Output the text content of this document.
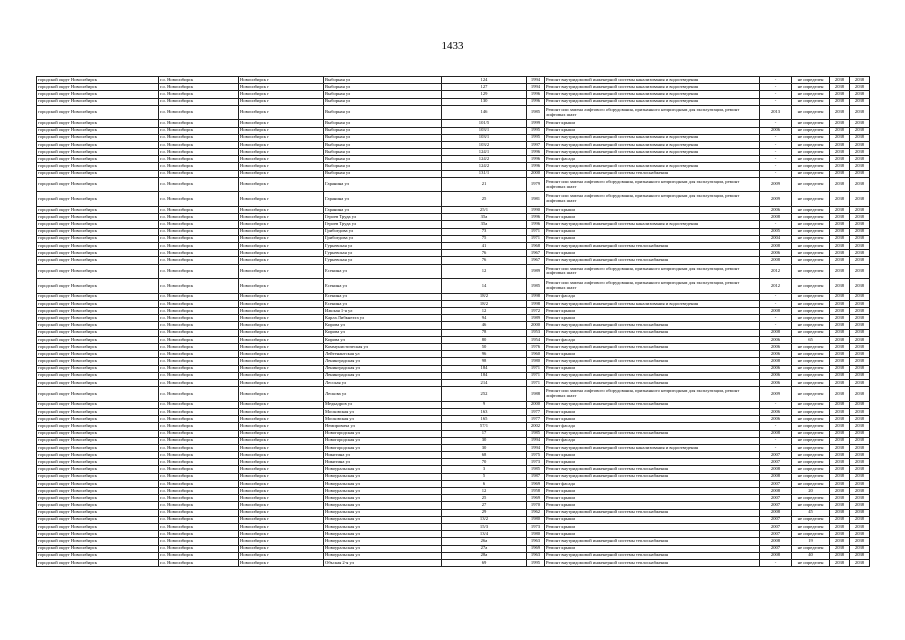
1433
городской округ Новосибирск	г.о. Новосибирск	Новосибирск г	Выборная ул	124	1994	Ремонт внутридомовой инженерной системы канализования и водоотведения	-	не определен	2038	2038
городской округ Новосибирск	г.о. Новосибирск	Новосибирск г	Выборная ул	127	1994	Ремонт внутридомовой инженерной системы канализования и водоотведения	-	не определен	2038	2038
городской округ Новосибирск	г.о. Новосибирск	Новосибирск г	Выборная ул	129	1996	Ремонт внутридомовой инженерной системы канализования и водоотведения	-	не определен	2038	2038
городской округ Новосибирск	г.о. Новосибирск	Новосибирск г	Выборная ул	130	1996	Ремонт внутридомовой инженерной системы канализования и водоотведения	-	не определен	2038	2038
городской округ Новосибирск	г.о. Новосибирск	Новосибирск г	Выборная ул	146	1985	Ремонт или замена лифтового оборудования, признанного непригодным для эксплуатации, ремонт лифтовых шахт	2013	не определен	2038	2038
городской округ Новосибирск	г.о. Новосибирск	Новосибирск г	Выборная ул	101/5	1999	Ремонт крыши	-	не определен	2038	2038
городской округ Новосибирск	г.о. Новосибирск	Новосибирск г	Выборная ул	103/1	1995	Ремонт крыши	2006	не определен	2038	2038
городской округ Новосибирск	г.о. Новосибирск	Новосибирск г	Выборная ул	103/1	1995	Ремонт внутридомовой инженерной системы канализования и водоотведения	-	не определен	2038	2038
городской округ Новосибирск	г.о. Новосибирск	Новосибирск г	Выборная ул	103/2	1997	Ремонт внутридомовой инженерной системы канализования и водоотведения	-	не определен	2038	2038
городской округ Новосибирск	г.о. Новосибирск	Новосибирск г	Выборная ул	124/1	1996	Ремонт внутридомовой инженерной системы канализования и водоотведения	-	не определен	2038	2038
городской округ Новосибирск	г.о. Новосибирск	Новосибирск г	Выборная ул	124/2	1996	Ремонт фасада	-	не определен	2038	2038
городской округ Новосибирск	г.о. Новосибирск	Новосибирск г	Выборная ул	124/2	1996	Ремонт внутридомовой инженерной системы канализования и водоотведения	-	не определен	2038	2038
городской округ Новосибирск	г.о. Новосибирск	Новосибирск г	Выборная ул	131/1	2000	Ремонт внутридомовой инженерной системы теплоснабжения	-	не определен	2038	2038
городской округ Новосибирск	г.о. Новосибирск	Новосибирск г	Гаранина ул	21	1979	Ремонт или замена лифтового оборудования, признанного непригодным для эксплуатации, ремонт лифтовых шахт	2009	не определен	2038	2038
городской округ Новосибирск	г.о. Новосибирск	Новосибирск г	Гаранина ул	25	1981	Ремонт или замена лифтового оборудования, признанного непригодным для эксплуатации, ремонт лифтовых шахт	2009	не определен	2038	2038
городской округ Новосибирск	г.о. Новосибирск	Новосибирск г	Гаранина ул	25/1	1990	Ремонт крыши	2006	не определен	2038	2038
городской округ Новосибирск	г.о. Новосибирск	Новосибирск г	Героев Труда ул	35а	1996	Ремонт крыши	2008	не определен	2038	2038
городской округ Новосибирск	г.о. Новосибирск	Новосибирск г	Героев Труда ул	35а	1996	Ремонт внутридомовой инженерной системы канализования и водоотведения	-	не определен	2038	2038
городской округ Новосибирск	г.о. Новосибирск	Новосибирск г	Грибоедова ул	73	1971	Ремонт крыши	2005	не определен	2038	2038
городской округ Новосибирск	г.о. Новосибирск	Новосибирск г	Грибоедова ул	75	1971	Ремонт крыши	2004	не определен	2038	2038
городской округ Новосибирск	г.о. Новосибирск	Новосибирск г	Гурьевская ул	41	1968	Ремонт внутридомовой инженерной системы теплоснабжения	2008	не определен	2038	2038
городской округ Новосибирск	г.о. Новосибирск	Новосибирск г	Гурьевская ул	76	1967	Ремонт крыши	2006	не определен	2038	2038
городской округ Новосибирск	г.о. Новосибирск	Новосибирск г	Гурьевская ул	76	1967	Ремонт внутридомовой инженерной системы теплоснабжения	2008	не определен	2038	2038
городской округ Новосибирск	г.о. Новосибирск	Новосибирск г	Есенина ул	12	1989	Ремонт или замена лифтового оборудования, признанного непригодным для эксплуатации, ремонт лифтовых шахт	2012	не определен	2038	2038
городской округ Новосибирск	г.о. Новосибирск	Новосибирск г	Есенина ул	14	1985	Ремонт или замена лифтового оборудования, признанного непригодным для эксплуатации, ремонт лифтовых шахт	2012	не определен	2038	2038
городской округ Новосибирск	г.о. Новосибирск	Новосибирск г	Есенина ул	18/2	1998	Ремонт фасада	-	не определен	2038	2038
городской округ Новосибирск	г.о. Новосибирск	Новосибирск г	Есенина ул	18/2	1998	Ремонт внутридомовой инженерной системы канализования и водоотведения	-	не определен	2038	2038
городской округ Новосибирск	г.о. Новосибирск	Новосибирск г	Ижская 1-я ул	12	1972	Ремонт крыши	2008	не определен	2038	2038
городской округ Новосибирск	г.о. Новосибирск	Новосибирск г	Карла Либкнехта ул	94	1989	Ремонт крыши	-	не определен	2038	2038
городской округ Новосибирск	г.о. Новосибирск	Новосибирск г	Кирова ул	46	2000	Ремонт внутридомовой инженерной системы теплоснабжения	-	не определен	2038	2038
городской округ Новосибирск	г.о. Новосибирск	Новосибирск г	Кирова ул	78	1953	Ремонт внутридомовой инженерной системы теплоснабжения	2008	не определен	2038	2038
городской округ Новосибирск	г.о. Новосибирск	Новосибирск г	Кирова ул	80	1954	Ремонт фасада	2006	65	2038	2038
городской округ Новосибирск	г.о. Новосибирск	Новосибирск г	Коммунистическая ул	50	1976	Ремонт внутридомовой инженерной системы теплоснабжения	2006	не определен	2038	2038
городской округ Новосибирск	г.о. Новосибирск	Новосибирск г	Лейтенантская ул	96	1960	Ремонт крыши	2006	не определен	2038	2038
городской округ Новосибирск	г.о. Новосибирск	Новосибирск г	Ленинградская ул	98	1980	Ремонт внутридомовой инженерной системы теплоснабжения	2008	не определен	2038	2038
городской округ Новосибирск	г.о. Новосибирск	Новосибирск г	Ленинградская ул	184	1971	Ремонт крыши	2006	не определен	2038	2038
городской округ Новосибирск	г.о. Новосибирск	Новосибирск г	Ленинградская ул	184	1971	Ремонт внутридомовой инженерной системы теплоснабжения	2006	не определен	2038	2038
городской округ Новосибирск	г.о. Новосибирск	Новосибирск г	Лесская ул	214	1971	Ремонт внутридомовой инженерной системы теплоснабжения	2006	не определен	2038	2038
городской округ Новосибирск	г.о. Новосибирск	Новосибирск г	Лескова ул	252	1988	Ремонт или замена лифтового оборудования, признанного непригодным для эксплуатации, ремонт лифтовых шахт	2009	не определен	2038	2038
городской округ Новосибирск	г.о. Новосибирск	Новосибирск г	Медкадров ул	9	2000	Ремонт внутридомовой инженерной системы теплоснабжения	-	не определен	2038	2038
городской округ Новосибирск	г.о. Новосибирск	Новосибирск г	Московская ул	163	1977	Ремонт крыши	2006	не определен	2038	2038
городской округ Новосибирск	г.о. Новосибирск	Новосибирск г	Московская ул	165	1977	Ремонт крыши	2006	не определен	2038	2038
городской округ Новосибирск	г.о. Новосибирск	Новосибирск г	Немировича ул	57/1	2002	Ремонт фасада	-	не определен	2038	2038
городской округ Новосибирск	г.о. Новосибирск	Новосибирск г	Новогородская ул	17	1985	Ремонт внутридомовой инженерной системы теплоснабжения	2008	не определен	2038	2038
городской округ Новосибирск	г.о. Новосибирск	Новосибирск г	Новогородская ул	30	1994	Ремонт фасада	-	не определен	2038	2038
городской округ Новосибирск	г.о. Новосибирск	Новосибирск г	Новогородская ул	30	1994	Ремонт внутридомовой инженерной системы канализования и водоотведения	-	не определен	2038	2038
городской округ Новосибирск	г.о. Новосибирск	Новосибирск г	Никитина ул	68	1975	Ремонт крыши	2007	не определен	2038	2038
городской округ Новосибирск	г.о. Новосибирск	Новосибирск г	Никитина ул	70	1973	Ремонт крыши	2007	не определен	2038	2038
городской округ Новосибирск	г.о. Новосибирск	Новосибирск г	Новоуральская ул	3	1985	Ремонт внутридомовой инженерной системы теплоснабжения	2008	не определен	2038	2038
городской округ Новосибирск	г.о. Новосибирск	Новосибирск г	Новоуральская ул	5	1987	Ремонт внутридомовой инженерной системы теплоснабжения	2008	не определен	2038	2038
городской округ Новосибирск	г.о. Новосибирск	Новосибирск г	Новоуральская ул	6	1969	Ремонт фасада	2007	не определен	2038	2038
городской округ Новосибирск	г.о. Новосибирск	Новосибирск г	Новоуральская ул	12	1958	Ремонт крыши	2008	20	2038	2038
городской округ Новосибирск	г.о. Новосибирск	Новосибирск г	Новоуральская ул	25	1969	Ремонт крыши	2007	не определен	2038	2038
городской округ Новосибирск	г.о. Новосибирск	Новосибирск г	Новоуральская ул	27	1970	Ремонт крыши	2007	не определен	2038	2038
городской округ Новосибирск	г.о. Новосибирск	Новосибирск г	Новоуральская ул	29	1962	Ремонт внутридомовой инженерной системы теплоснабжения	2008	45	2038	2038
городской округ Новосибирск	г.о. Новосибирск	Новосибирск г	Новоуральская ул	13/2	1980	Ремонт крыши	2007	не определен	2038	2038
городской округ Новосибирск	г.о. Новосибирск	Новосибирск г	Новоуральская ул	15/3	1973	Ремонт крыши	2007	не определен	2038	2038
городской округ Новосибирск	г.о. Новосибирск	Новосибирск г	Новоуральская ул	13/4	1980	Ремонт крыши	2007	не определен	2038	2038
городской округ Новосибирск	г.о. Новосибирск	Новосибирск г	Новоуральская ул	26а	1963	Ремонт внутридомовой инженерной системы теплоснабжения	2008	19	2038	2038
городской округ Новосибирск	г.о. Новосибирск	Новосибирск г	Новоуральская ул	27а	1969	Ремонт крыши	2007	не определен	2038	2038
городской округ Новосибирск	г.о. Новосибирск	Новосибирск г	Новоуральская ул	28а	1963	Ремонт внутридомовой инженерной системы теплоснабжения	2008	40	2038	2038
городской округ Новосибирск	г.о. Новосибирск	Новосибирск г	Объская 2-я ул	69	1995	Ремонт внутридомовой инженерной системы теплоснабжения	-	не определен	2038	2038
